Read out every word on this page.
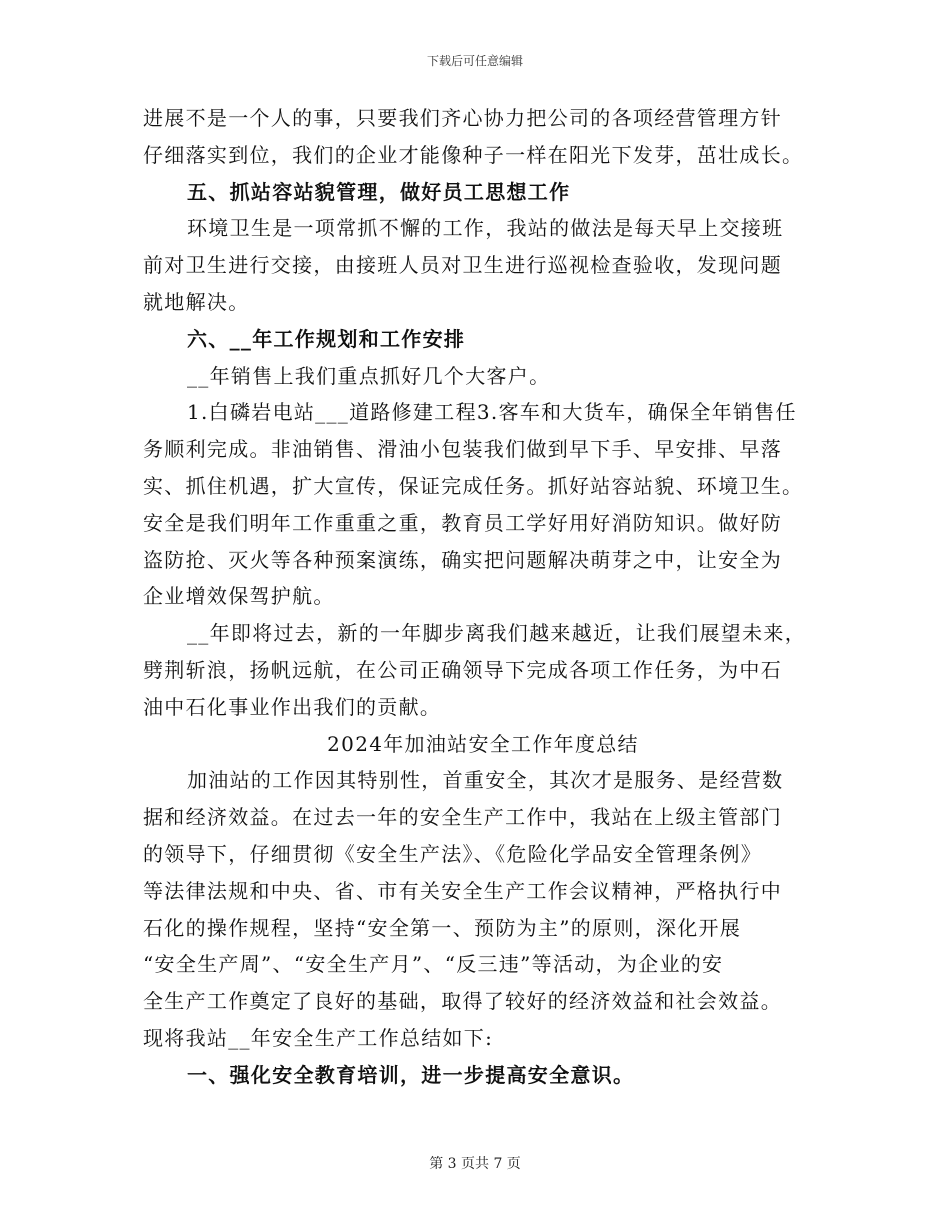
下载后可任意编辑

进展不是一个人的事，只要我们齐心协力把公司的各项经营管理方针

仔细落实到位，我们的企业才能像种子一样在阳光下发芽，茁壮成长。

五、抓站容站貌管理，做好员工思想工作

环境卫生是一项常抓不懈的工作，我站的做法是每天早上交接班

前对卫生进行交接，由接班人员对卫生进行巡视检查验收，发现问题

就地解决。

六、__年工作规划和工作安排

__年销售上我们重点抓好几个大客户。

1.白磷岩电站___道路修建工程3.客车和大货车，确保全年销售任

务顺利完成。非油销售、滑油小包装我们做到早下手、早安排、早落

实、抓住机遇，扩大宣传，保证完成任务。抓好站容站貌、环境卫生。

安全是我们明年工作重重之重，教育员工学好用好消防知识。做好防

盗防抢、灭火等各种预案演练，确实把问题解决萌芽之中，让安全为

企业增效保驾护航。

__年即将过去，新的一年脚步离我们越来越近，让我们展望未来，

劈荆斩浪，扬帆远航，在公司正确领导下完成各项工作任务，为中石

油中石化事业作出我们的贡献。

2024年加油站安全工作年度总结

加油站的工作因其特别性，首重安全，其次才是服务、是经营数

据和经济效益。在过去一年的安全生产工作中，我站在上级主管部门

的领导下，仔细贯彻《安全生产法》、《危险化学品安全管理条例》

等法律法规和中央、省、市有关安全生产工作会议精神，严格执行中

石化的操作规程，坚持“安全第一、预防为主”的原则，深化开展

“安全生产周”、“安全生产月”、“反三违”等活动，为企业的安

全生产工作奠定了良好的基础，取得了较好的经济效益和社会效益。

现将我站__年安全生产工作总结如下:

一、强化安全教育培训，进一步提高安全意识。

第 3 页共 7 页
